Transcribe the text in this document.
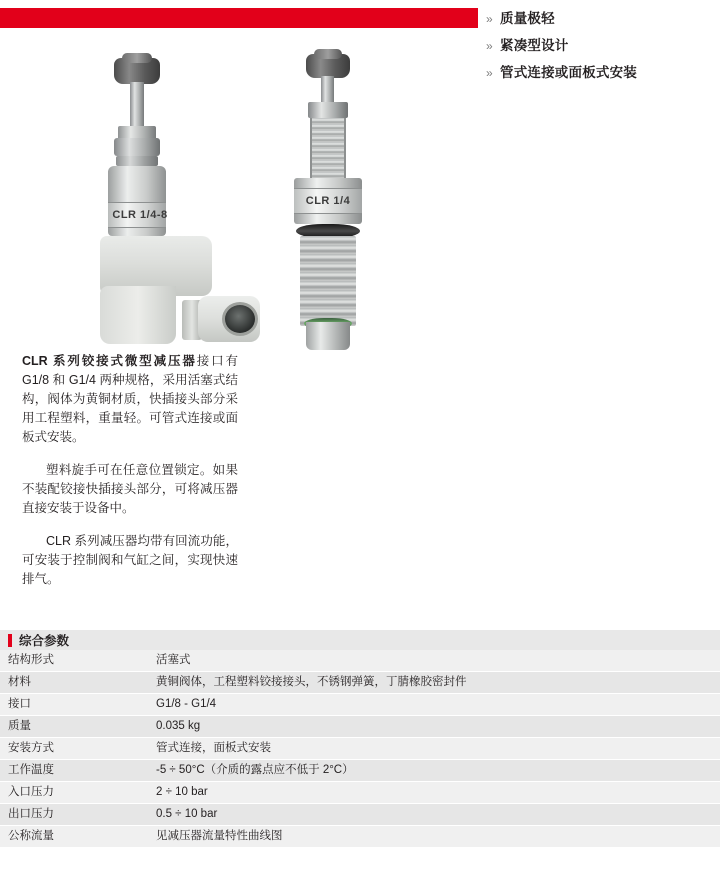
» 质量极轻
» 紧凑型设计
» 管式连接或面板式安装
CLR 1/4-8
CLR 1/4

CLR 系列铰接式微型减压器接口有 G1/8 和 G1/4 两种规格，采用活塞式结构，阀体为黄铜材质，快插接头部分采用工程塑料，重量轻。可管式连接或面板式安装。

塑料旋手可在任意位置锁定。如果不装配铰接快插接头部分，可将减压器直接安装于设备中。

CLR 系列减压器均带有回流功能，可安装于控制阀和气缸之间，实现快速排气。

综合参数
结构形式	活塞式
材料	黄铜阀体，工程塑料铰接接头，不锈钢弹簧，丁腈橡胶密封件
接口	G1/8 - G1/4
质量	0.035 kg
安装方式	管式连接，面板式安装
工作温度	-5 ÷ 50°C（介质的露点应不低于 2°C）
入口压力	2 ÷ 10 bar
出口压力	0.5 ÷ 10 bar
公称流量	见减压器流量特性曲线图
